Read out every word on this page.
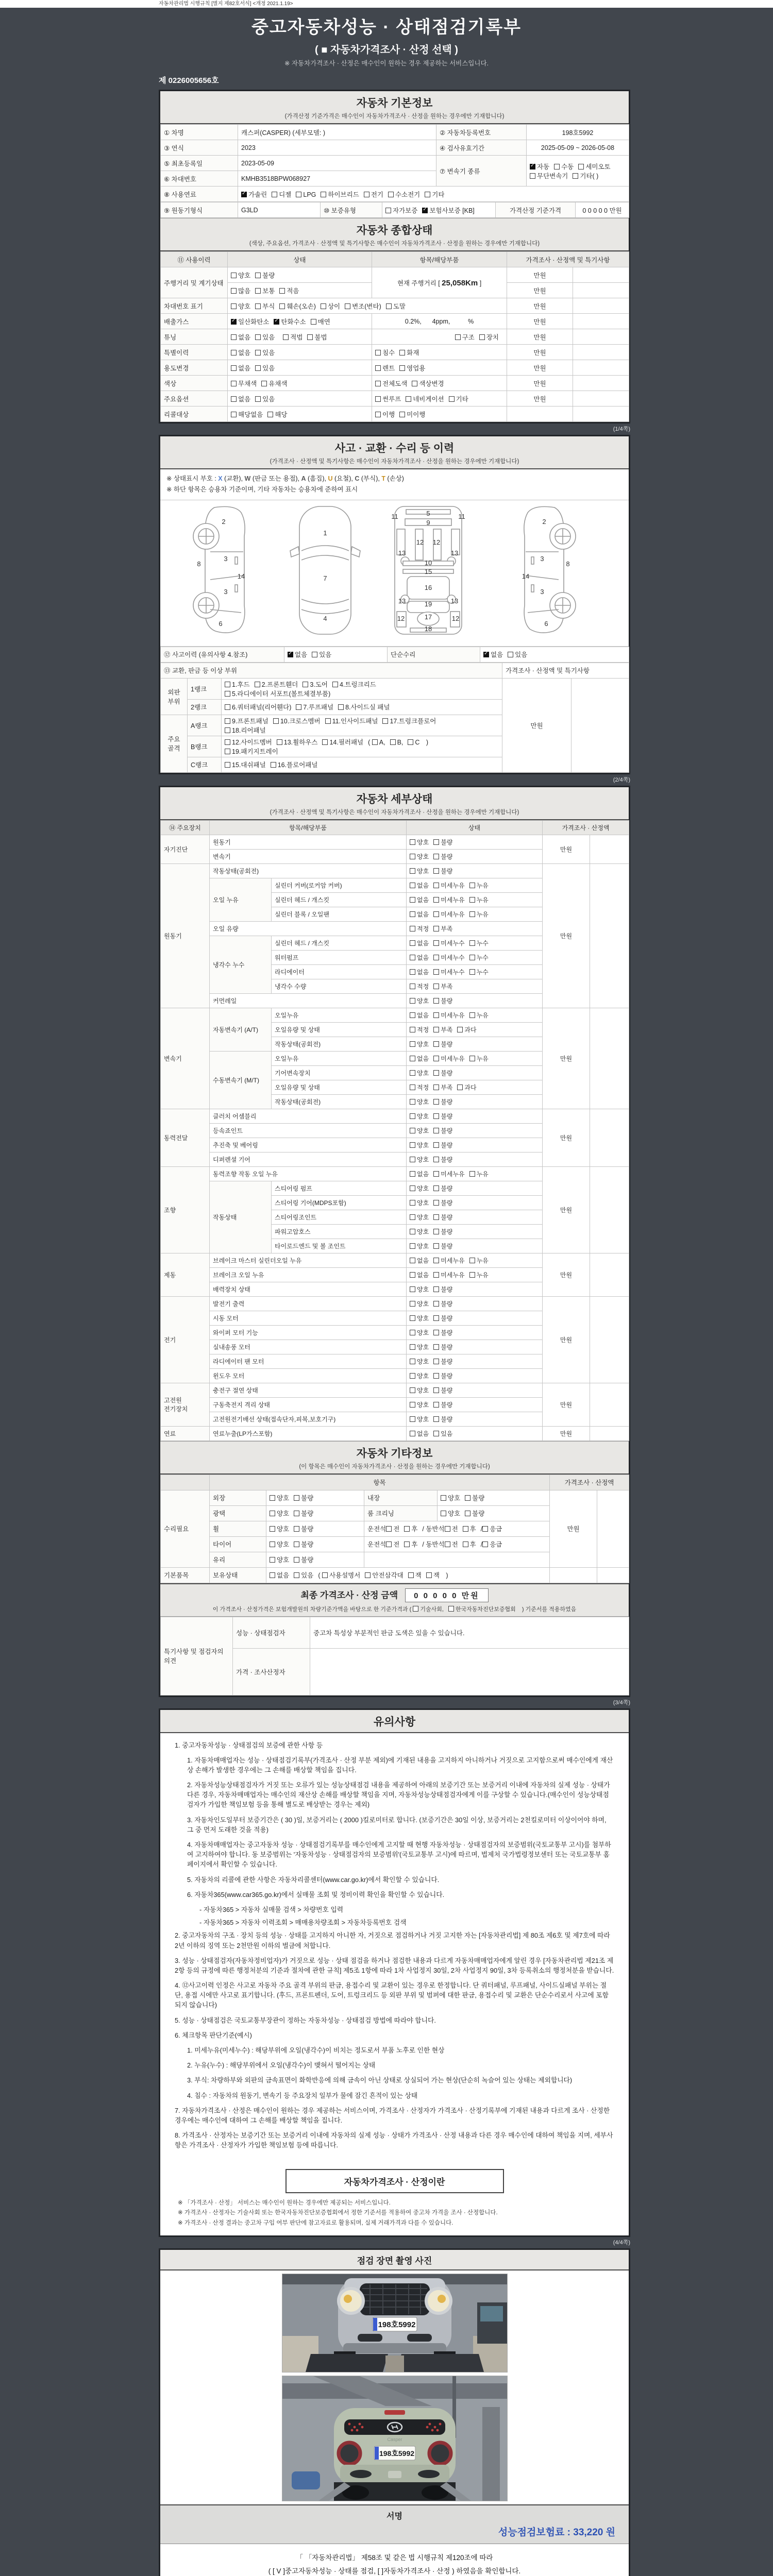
자동차관리법 시행규칙 [별지 제82호서식] <개정 2021.1.19>
중고자동차성능 · 상태점검기록부
( ■ 자동차가격조사 · 산정 선택 )
※ 자동차가격조사 · 산정은 매수인이 원하는 경우 제공하는 서비스입니다.
제 0226005656호
자동차 기본정보
(가격산정 기준가격은 매수인이 자동차가격조사 · 산정을 원하는 경우에만 기재합니다)
① 차명	캐스퍼(CASPER) (세부모델: )	② 자동차등록번호	198호5992
③ 연식	2023	④ 검사유효기간	2025-05-09 ~ 2026-05-08
⑤ 최초등록일	2023-05-09	⑦ 변속기 종류	✓자동 수동 세미오토
무단변속기 기타( )
⑥ 차대번호	KMHB3518BPW068927		
⑧ 사용연료	✓가솔린 디젤 LPG 하이브리드 전기 수소전기 기타
⑨ 원동기형식	G3LD	⑩ 보증유형	자가보증 ✓ 보험사보증 [KB]	가격산정 기준가격	0 0 0 0 0 만원
자동차 종합상태
(색상, 주요옵션, 가격조사 · 산정액 및 특기사항은 매수인이 자동차가격조사 · 산정을 원하는 경우에만 기재합니다)
⑪ 사용이력	상태	항목/해당부품	가격조사 · 산정액 및 특기사항	
주행거리 및 계기상태	양호 불량	현재 주행거리 [ 25,058Km ]	만원	
	많음 보통 적음		만원	
차대번호 표기	양호 부식 훼손(오손) 상이 변조(변타) 도말		만원	
배출가스	✓일산화탄소 ✓ 탄화수소 매연	0.2%,      4ppm,          %	만원	
튜닝	없음 있음 적법 불법	구조 장치	만원	
특별이력	없음 있음	침수 화재	만원	
용도변경	없음 있음	렌트 영업용	만원	
색상	무채색 유채색	전체도색 색상변경	만원	
주요옵션	없음 있음	썬루프 네비게이션 기타	만원	
리콜대상	해당없음 해당	이행 미이행		
(1/4쪽)
사고 · 교환 · 수리 등 이력
(가격조사 · 산정액 및 특기사항은 매수인이 자동차가격조사 · 산정을 원하는 경우에만 기재합니다)
※ 상태표시 부호 : X (교환), W (판금 또는 용접), A (흠집), U (요철), C (부식), T (손상)
※ 하단 항목은 승용차 기준이며, 기타 자동차는 승용차에 준하여 표시
2
8
3
14
3
6
1
7
4
5
9
11	11
12 12
13	13
10
15
16
13	13
19
17
12	12
18
2
3
8
14
3
6
⑫ 사고이력 (유의사항 4.참조)	✓없음 있음	단순수리	✓없음 있음
⑬ 교환, 판금 등 이상 부위			가격조사 · 산정액 및 특기사항	
외판 부위	1랭크	1.후드 2.프론트휀더 3.도어 4.트렁크리드
5.라디에이터 서포트(볼트체결부품)	만원	
	2랭크	6.쿼터패널(리어휀다) 7.루프패널 8.사이드실 패널		
주요 골격	A랭크	9.프론트패널 10.크로스멤버 11.인사이드패널 17.트렁크플로어
18.리어패널		
	B랭크	12.사이드멤버 13.휠하우스 14.필러패널 ( A, B, C )
19.패키지트레이		
	C랭크	15.대쉬패널 16.플로어패널		
(2/4쪽)
자동차 세부상태
(가격조사 · 산정액 및 특기사항은 매수인이 자동차가격조사 · 산정을 원하는 경우에만 기재합니다)
⑭ 주요장치	항목/해당부품		상태	가격조사 · 산정액	
자기진단	원동기		양호 불량	만원	
	변속기		양호 불량		
원동기	작동상태(공회전)		양호 불량	만원	
	오일 누유	실린더 커버(로커암 커버)	없음 미세누유 누유		
		실린더 헤드 / 개스킷	없음 미세누유 누유		
		실린더 블록 / 오일팬	없음 미세누유 누유		
	오일 유량		적정 부족		
	냉각수 누수	실린더 헤드 / 개스킷	없음 미세누수 누수		
		워터펌프	없음 미세누수 누수		
		라디에이터	없음 미세누수 누수		
		냉각수 수량	적정 부족		
	커먼레일		양호 불량		
변속기	자동변속기 (A/T)	오일누유	없음 미세누유 누유	만원	
		오일유량 및 상태	적정 부족 과다		
		작동상태(공회전)	양호 불량		
	수동변속기 (M/T)	오일누유	없음 미세누유 누유		
		기어변속장치	양호 불량		
		오일유량 및 상태	적정 부족 과다		
		작동상태(공회전)	양호 불량		
동력전달	클러치 어셈블리		양호 불량	만원	
	등속죠인트		양호 불량		
	추진축 및 베어링		양호 불량		
	디퍼렌셜 기어		양호 불량		
조향	동력조향 작동 오일 누유		없음 미세누유 누유	만원	
	작동상태	스티어링 펌프	양호 불량		
		스티어링 기어(MDPS포함)	양호 불량		
		스티어링조인트	양호 불량		
		파워고압호스	양호 불량		
		타이로드엔드 및 볼 조인트	양호 불량		
제동	브레이크 마스터 실린더오일 누유		없음 미세누유 누유	만원	
	브레이크 오일 누유		없음 미세누유 누유		
	배력장치 상태		양호 불량		
전기	발전기 출력		양호 불량	만원	
	시동 모터		양호 불량		
	와이퍼 모터 기능		양호 불량		
	실내송풍 모터		양호 불량		
	라디에이터 팬 모터		양호 불량		
	윈도우 모터		양호 불량		
고전원 전기장치	충전구 절연 상태		양호 불량	만원	
	구동축전지 격리 상태		양호 불량		
	고전원전기배선 상태(접속단자,피복,보호기구)		양호 불량		
연료	연료누출(LP가스포함)		없음 있음	만원	
자동차 기타정보
(이 항목은 매수인이 자동차가격조사 · 산정을 원하는 경우에만 기재합니다)
	항목				가격조사 · 산정액	
수리필요	외장	양호 불량	내장	양호 불량	만원	
	광택	양호 불량	룸 크리닝	양호 불량		
	휠	양호 불량	운전석 전 후 / 동반석 전 후 / 응급			
	타이어	양호 불량	운전석 전 후 / 동반석 전 후 / 응급			
	유리	양호 불량				
기본품목	보유상태	없음 있음 ( 사용설명서 안전삼각대 잭 잭 )				
최종 가격조사 · 산정 금액 0 0 0 0 0 만원
이 가격조사 · 산정가격은 보험개발원의 차량기준가액을 바탕으로 한 기준가격과 ( 기술사회, 한국자동차진단보증협회 ) 기준서를 적용하였음
특기사항 및 점검자의 의견	성능 · 상태점검자	중고차 특성상 부분적인 판금 도색은 있을 수 있습니다.
	가격 · 조사산정자	
(3/4쪽)
유의사항
1. 중고자동차성능 · 상태점검의 보증에 관한 사항 등
1. 자동차매매업자는 성능 · 상태점검기록부(가격조사 · 산정 부분 제외)에 기재된 내용을 고지하지 아니하거나 거짓으로 고지함으로써 매수인에게 재산상 손해가 발생한 경우에는 그 손해를 배상할 책임을 집니다.
2. 자동차성능상태점검자가 거짓 또는 오류가 있는 성능상태점검 내용을 제공하여 아래의 보증기간 또는 보증거리 이내에 자동차의 실제 성능 · 상태가 다른 경우, 자동차매매업자는 매수인의 재산상 손해를 배상할 책임을 지며, 자동차성능상태점검자에게 이를 구상할 수 있습니다.(매수인이 성능상태점검자가 가입한 책임보험 등을 통해 별도로 배상받는 경우는 제외)
3. 자동차인도일부터 보증기간은 ( 30 )일, 보증거리는 ( 2000 )킬로미터로 합니다. (보증기간은 30일 이상, 보증거리는 2천킬로미터 이상이어야 하며, 그 중 먼저 도래한 것을 적용)
4. 자동차매매업자는 중고자동차 성능 · 상태점검기록부를 매수인에게 고지할 때 현행 자동차성능 · 상태점검자의 보증범위(국토교통부 고시)를 첨부하여 고지하여야 합니다. 동 보증범위는 '자동차성능 · 상태점검자의 보증범위'(국토교통부 고시)에 따르며, 법제처 국가법령정보센터 또는 국토교통부 홈페이지에서 확인할 수 있습니다.
5. 자동차의 리콜에 관한 사항은 자동차리콜센터(www.car.go.kr)에서 확인할 수 있습니다.
6. 자동차365(www.car365.go.kr)에서 실매물 조회 및 정비이력 확인을 확인할 수 있습니다.
- 자동차365 > 자동차 실매물 검색 > 차량번호 입력
- 자동차365 > 자동차 이력조회 > 매매용차량조회 > 자동차등록번호 검색
2. 중고자동차의 구조 · 장치 등의 성능 · 상태를 고지하지 아니한 자, 거짓으로 점검하거나 거짓 고지한 자는 [자동차관리법] 제 80조 제6호 및 제7호에 따라 2년 이하의 징역 또는 2천만원 이하의 벌금에 처합니다.
3. 성능 · 상태점검자(자동차정비업자)가 거짓으로 성능 · 상태 점검을 하거나 점검한 내용과 다르게 자동차매매업자에게 알린 경우 [자동차관리법 제21조 제2항 등의 규정에 따른 행정처분의 기준과 절차에 관한 규칙] 제5조 1항에 따라 1차 사업정지 30일, 2차 사업정지 90일, 3차 등록취소의 행정처분을 받습니다.
4. ⑫사고이력 인정은 사고로 자동차 주요 골격 부위의 판금, 용접수리 및 교환이 있는 경우로 한정합니다. 단 쿼터패널, 루프패널, 사이드실패널 부위는 절단, 용접 시에만 사고로 표기합니다. (후드, 프론트펜더, 도어, 트렁크리드 등 외판 부위 및 범퍼에 대한 판금, 용접수리 및 교환은 단순수리로서 사고에 포함되지 않습니다)
5. 성능 · 상태점검은 국토교통부장관이 정하는 자동차성능 · 상태점검 방법에 따라야 합니다.
6. 체크항목 판단기준(예시)
1. 미세누유(미세누수) : 해당부위에 오일(냉각수)이 비치는 정도로서 부품 노후로 인한 현상
2. 누유(누수) : 해당부위에서 오일(냉각수)이 맺혀서 떨어지는 상태
3. 부식: 차량하부와 외판의 금속표면이 화학반응에 의해 금속이 아닌 상태로 상실되어 가는 현상(단순히 녹슬어 있는 상태는 제외합니다)
4. 침수 : 자동차의 원동기, 변속기 등 주요장치 일부가 물에 잠긴 흔적이 있는 상태
7. 자동차가격조사 · 산정은 매수인이 원하는 경우 제공하는 서비스이며, 가격조사 · 산정자가 가격조사 · 산정기록부에 기재된 내용과 다르게 조사 · 산정한 경우에는 매수인에 대하여 그 손해를 배상할 책임을 집니다.
8. 가격조사 · 산정자는 보증기간 또는 보증거리 이내에 자동차의 실제 성능 · 상태가 가격조사 · 산정 내용과 다른 경우 매수인에 대하여 책임을 지며, 세부사항은 가격조사 · 산정자가 가입한 책임보험 등에 따릅니다.
자동차가격조사 · 산정이란
※ 「가격조사 · 산정」 서비스는 매수인이 원하는 경우에만 제공되는 서비스입니다.
※ 가격조사 · 산정자는 기술사회 또는 한국자동차진단보증협회에서 정한 기준서를 적용하여 중고차 가격을 조사 · 산정합니다.
※ 가격조사 · 산정 결과는 중고차 구입 여부 판단에 참고자료로 활용되며, 실제 거래가격과 다를 수 있습니다.
(4/4쪽)
점검 장면 촬영 사진
198호5992
Casper
198호5992
서명
성능점검보험료 : 33,220 원
「 「자동차관리법」 제58조 및 같은 법 시행규칙 제120조에 따라
( [ V ]중고자동차성능 · 상태를 점검, [ ]자동차가격조사 · 산정 ) 하였음을 확인합니다.
